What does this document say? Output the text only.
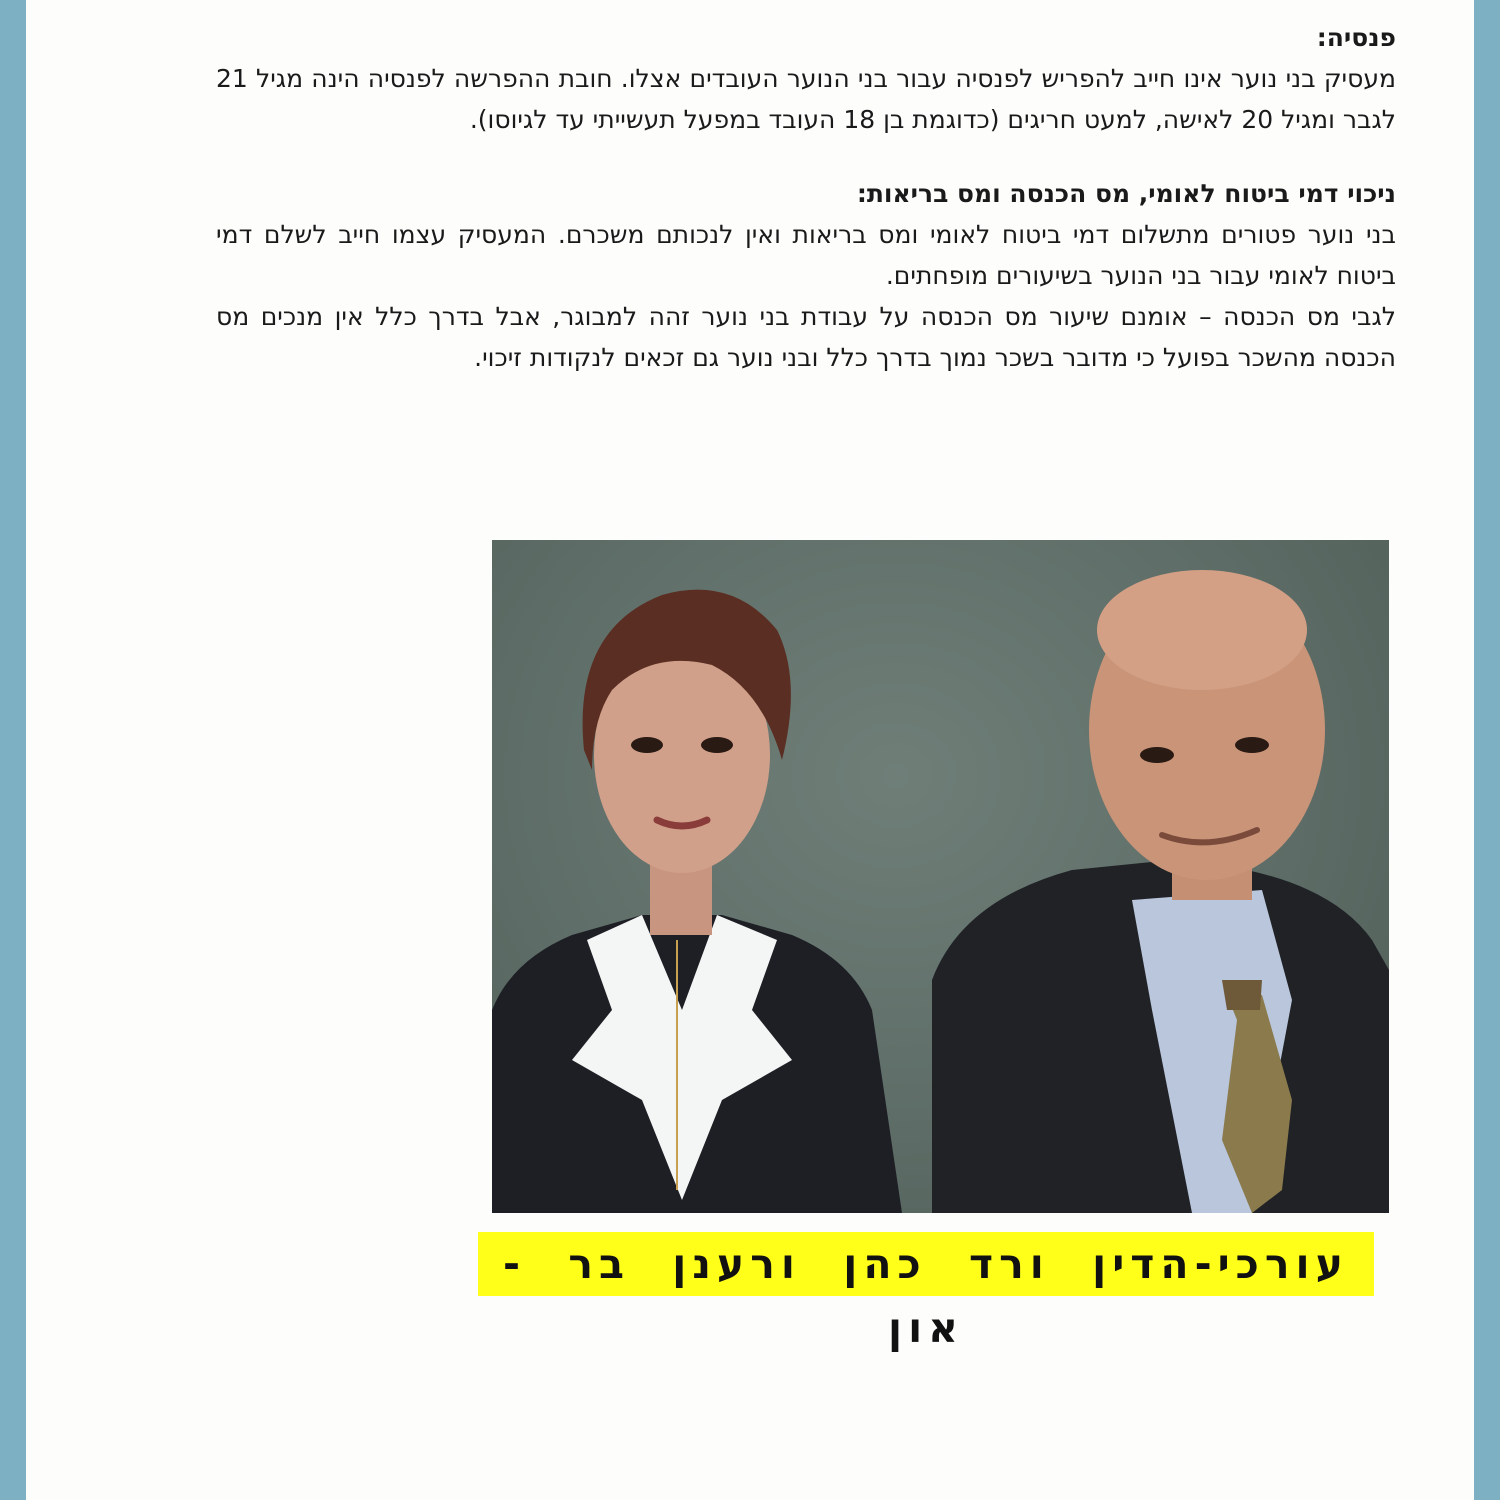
פנסיה:

מעסיק בני נוער אינו חייב להפריש לפנסיה עבור בני הנוער העובדים אצלו. חובת ההפרשה לפנסיה הינה מגיל 21 לגבר ומגיל 20 לאישה, למעט חריגים (כדוגמת בן 18 העובד במפעל תעשייתי עד לגיוסו).

ניכוי דמי ביטוח לאומי, מס הכנסה ומס בריאות:

בני נוער פטורים מתשלום דמי ביטוח לאומי ומס בריאות ואין לנכותם משכרם. המעסיק עצמו חייב לשלם דמי ביטוח לאומי עבור בני הנוער בשיעורים מופחתים.

לגבי מס הכנסה – אומנם שיעור מס הכנסה על עבודת בני נוער זהה למבוגר, אבל בדרך כלל אין מנכים מס הכנסה מהשכר בפועל כי מדובר בשכר נמוך בדרך כלל ובני נוער גם זכאים לנקודות זיכוי.

עורכי-הדין ורד כהן ורענן בר - און
